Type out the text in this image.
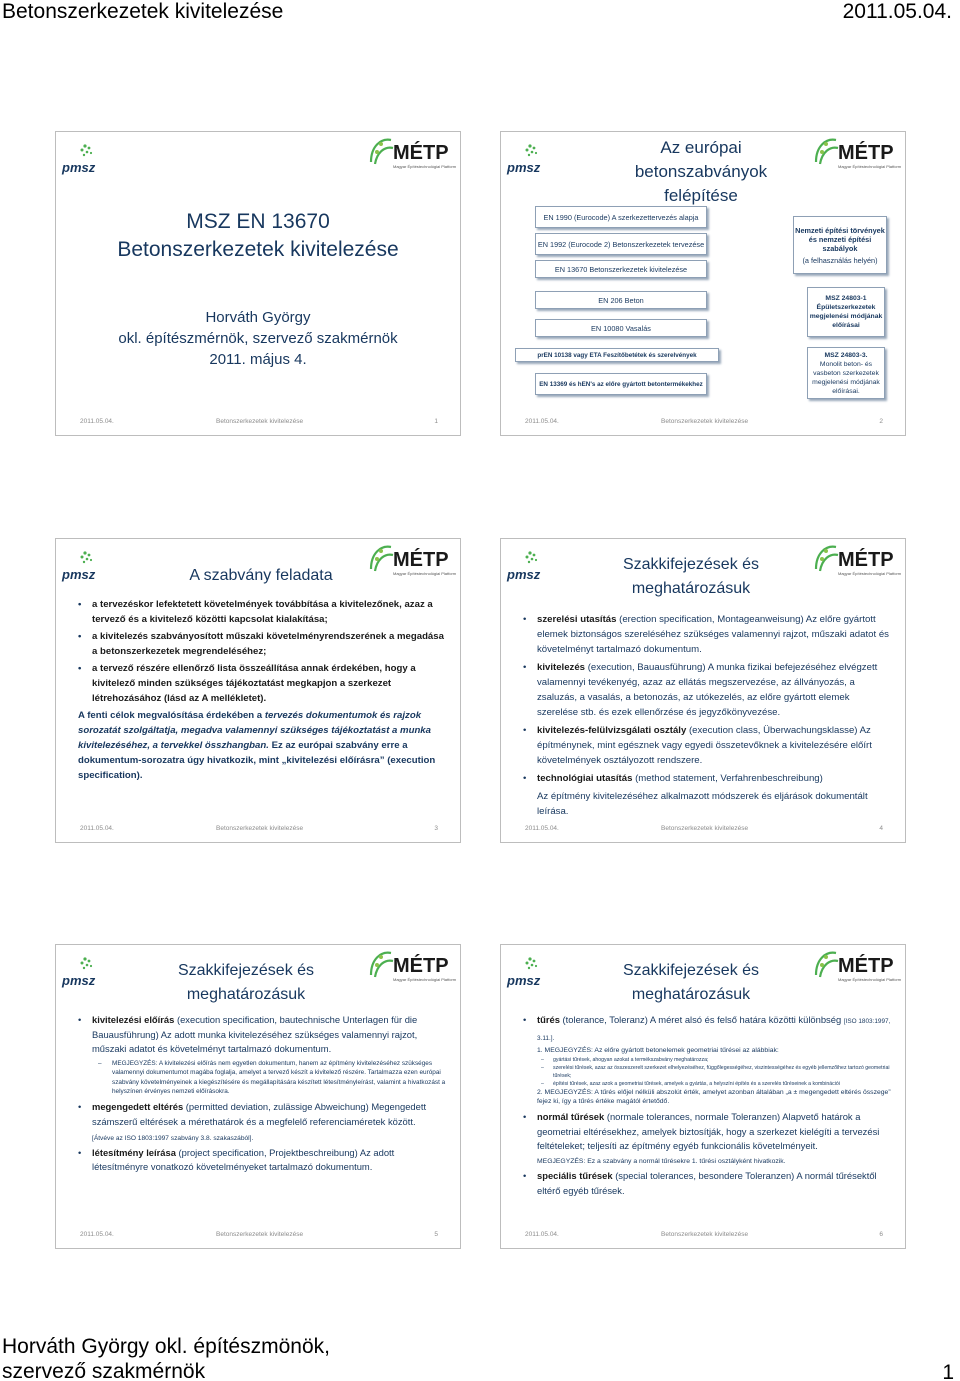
Betonszerkezetek kivitelezése	2011.05.04.
pmsz
MÉTP
Magyar Építéstechnológiai Platform
MSZ EN 13670
Betonszerkezetek kivitelezése
Horváth György
okl. építészmérnök, szervező szakmérnök
2011. május 4.
2011.05.04.	Betonszerkezetek kivitelezése	1
pmsz
MÉTP
Magyar Építéstechnológiai Platform
Az európai
betonszabványok
felépítése
EN 1990 (Eurocode) A szerkezettervezés alapja
EN 1992 (Eurocode 2) Betonszerkezetek tervezése
EN 13670 Betonszerkezetek kivitelezése
EN 206 Beton
EN 10080 Vasalás
prEN 10138 vagy ETA Feszítőbetétek és szerelvények
EN 13369 és hEN's az előre gyártott betontermékekhez
Nemzeti építési törvények és nemzeti építési szabályok
(a felhasználás helyén)
MSZ 24803-1 Épületszerkezetek megjelenési módjának előírásai
MSZ 24803-3.
Monolit beton- és vasbeton szerkezetek megjelenési módjának előírásai.
2011.05.04.	Betonszerkezetek kivitelezése	2
pmsz
MÉTP
Magyar Építéstechnológiai Platform
A szabvány feladata
• a tervezéskor lefektetett követelmények továbbítása a kivitelezőnek, azaz a tervező és a kivitelező közötti kapcsolat kialakítása;
• a kivitelezés szabványosított műszaki követelményrendszerének a megadása a betonszerkezetek megrendeléséhez;
• a tervező részére ellenőrző lista összeállítása annak érdekében, hogy a kivitelező minden szükséges tájékoztatást megkapjon a szerkezet létrehozásához (lásd az A mellékletet).

A fenti célok megvalósítása érdekében a tervezés dokumentumok és rajzok sorozatát szolgáltatja, megadva valamennyi szükséges tájékoztatást a munka kivitelezéséhez, a tervekkel összhangban. Ez az európai szabvány erre a dokumentum-sorozatra úgy hivatkozik, mint „kivitelezési előírásra” (execution specification).

2011.05.04.	Betonszerkezetek kivitelezése	3
pmsz
MÉTP
Magyar Építéstechnológiai Platform
Szakkifejezések és
meghatározásuk
• szerelési utasítás (erection specification, Montageanweisung) Az előre gyártott elemek biztonságos szereléséhez szükséges valamennyi rajzot, műszaki adatot és követelményt tartalmazó dokumentum.
• kivitelezés (execution, Bauausführung) A munka fizikai befejezéséhez elvégzett valamennyi tevékenyég, azaz az ellátás megszervezése, az állványozás, a zsaluzás, a vasalás, a betonozás, az utókezelés, az előre gyártott elemek szerelése stb. és ezek ellenőrzése és jegyzőkönyvezése.
• kivitelezés-felülvizsgálati osztály (execution class, Überwachungsklasse) Az építménynek, mint egésznek vagy egyedi összetevőknek a kivitelezésére előírt követelmények osztályozott rendszere.
• technológiai utasítás (method statement, Verfahrenbeschreibung)
Az építmény kivitelezéséhez alkalmazott módszerek és eljárások dokumentált leírása.
2011.05.04.	Betonszerkezetek kivitelezése	4
pmsz
MÉTP
Magyar Építéstechnológiai Platform
Szakkifejezések és
meghatározásuk
• kivitelezési előírás (execution specification, bautechnische Unterlagen für die Bauausführung) Az adott munka kivitelezéséhez szükséges valamennyi rajzot, műszaki adatot és követelményt tartalmazó dokumentum.
– MEGJEGYZÉS: A kivitelezési előírás nem egyetlen dokumentum, hanem az építmény kivitelezéséhez szükséges valamennyi dokumentumot magába foglalja, amelyet a tervező készít a kivitelező részére. Tartalmazza ezen európai szabvány követelményeinek a kiegészítésére és megállapítására készített létesítményleírást, valamint a hivatkozást a helyszínen érvényes nemzeti előírásokra.
• megengedett eltérés (permitted deviation, zulässige Abweichung) Megengedett számszerű eltérések a mérethatárok és a megfelelő referenciaméretek között.
[Átvéve az ISO 1803:1997 szabvány 3.8. szakaszából].
• létesítmény leírása (project specification, Projektbeschreibung) Az adott létesítményre vonatkozó követelményeket tartalmazó dokumentum.
2011.05.04.	Betonszerkezetek kivitelezése	5
pmsz
MÉTP
Magyar Építéstechnológiai Platform
Szakkifejezések és
meghatározásuk
• tűrés (tolerance, Toleranz) A méret alsó és felső határa közötti különbség [ISO 1803:1997, 3.11.].
1. MEGJEGYZÉS: Az előre gyártott betonelemek geometriai tűrései az alábbiak:
– gyártási tűrések, ahogyan azokat a termékszabvány meghatározza;
– szerelési tűrések, azaz az összeszerelt szerkezet elhelyezéséhez, függőlegességéhez, viszintességéhez és egyéb jellemzőihez tartozó geometriai tűrések;
– építési tűrések, azaz azok a geometriai tűrések, amelyek a gyártás, a helyszíni építés és a szerelés tűréseinek a kombinációi
2. MEGJEGYZÉS: A tűrés előjel nélküli abszolút érték, amelyet azonban általában „a ± megengedett eltérés összege” fejez ki, így a tűrés értéke magától értetődő.
• normál tűrések (normale tolerances, normale Toleranzen) Alapvető határok a geometriai eltérésekhez, amelyek biztosítják, hogy a szerkezet kielégíti a tervezési feltételeket; teljesíti az építmény egyéb funkcionális követelményeit.
MEGJEGYZÉS: Ez a szabvány a normál tűrésekre 1. tűrési osztályként hivatkozik.
• speciális tűrések (special tolerances, besondere Toleranzen) A normál tűrésektől eltérő egyéb tűrések.
2011.05.04.	Betonszerkezetek kivitelezése	6
Horváth György okl. építészmönök, szervező szakmérnök	1
